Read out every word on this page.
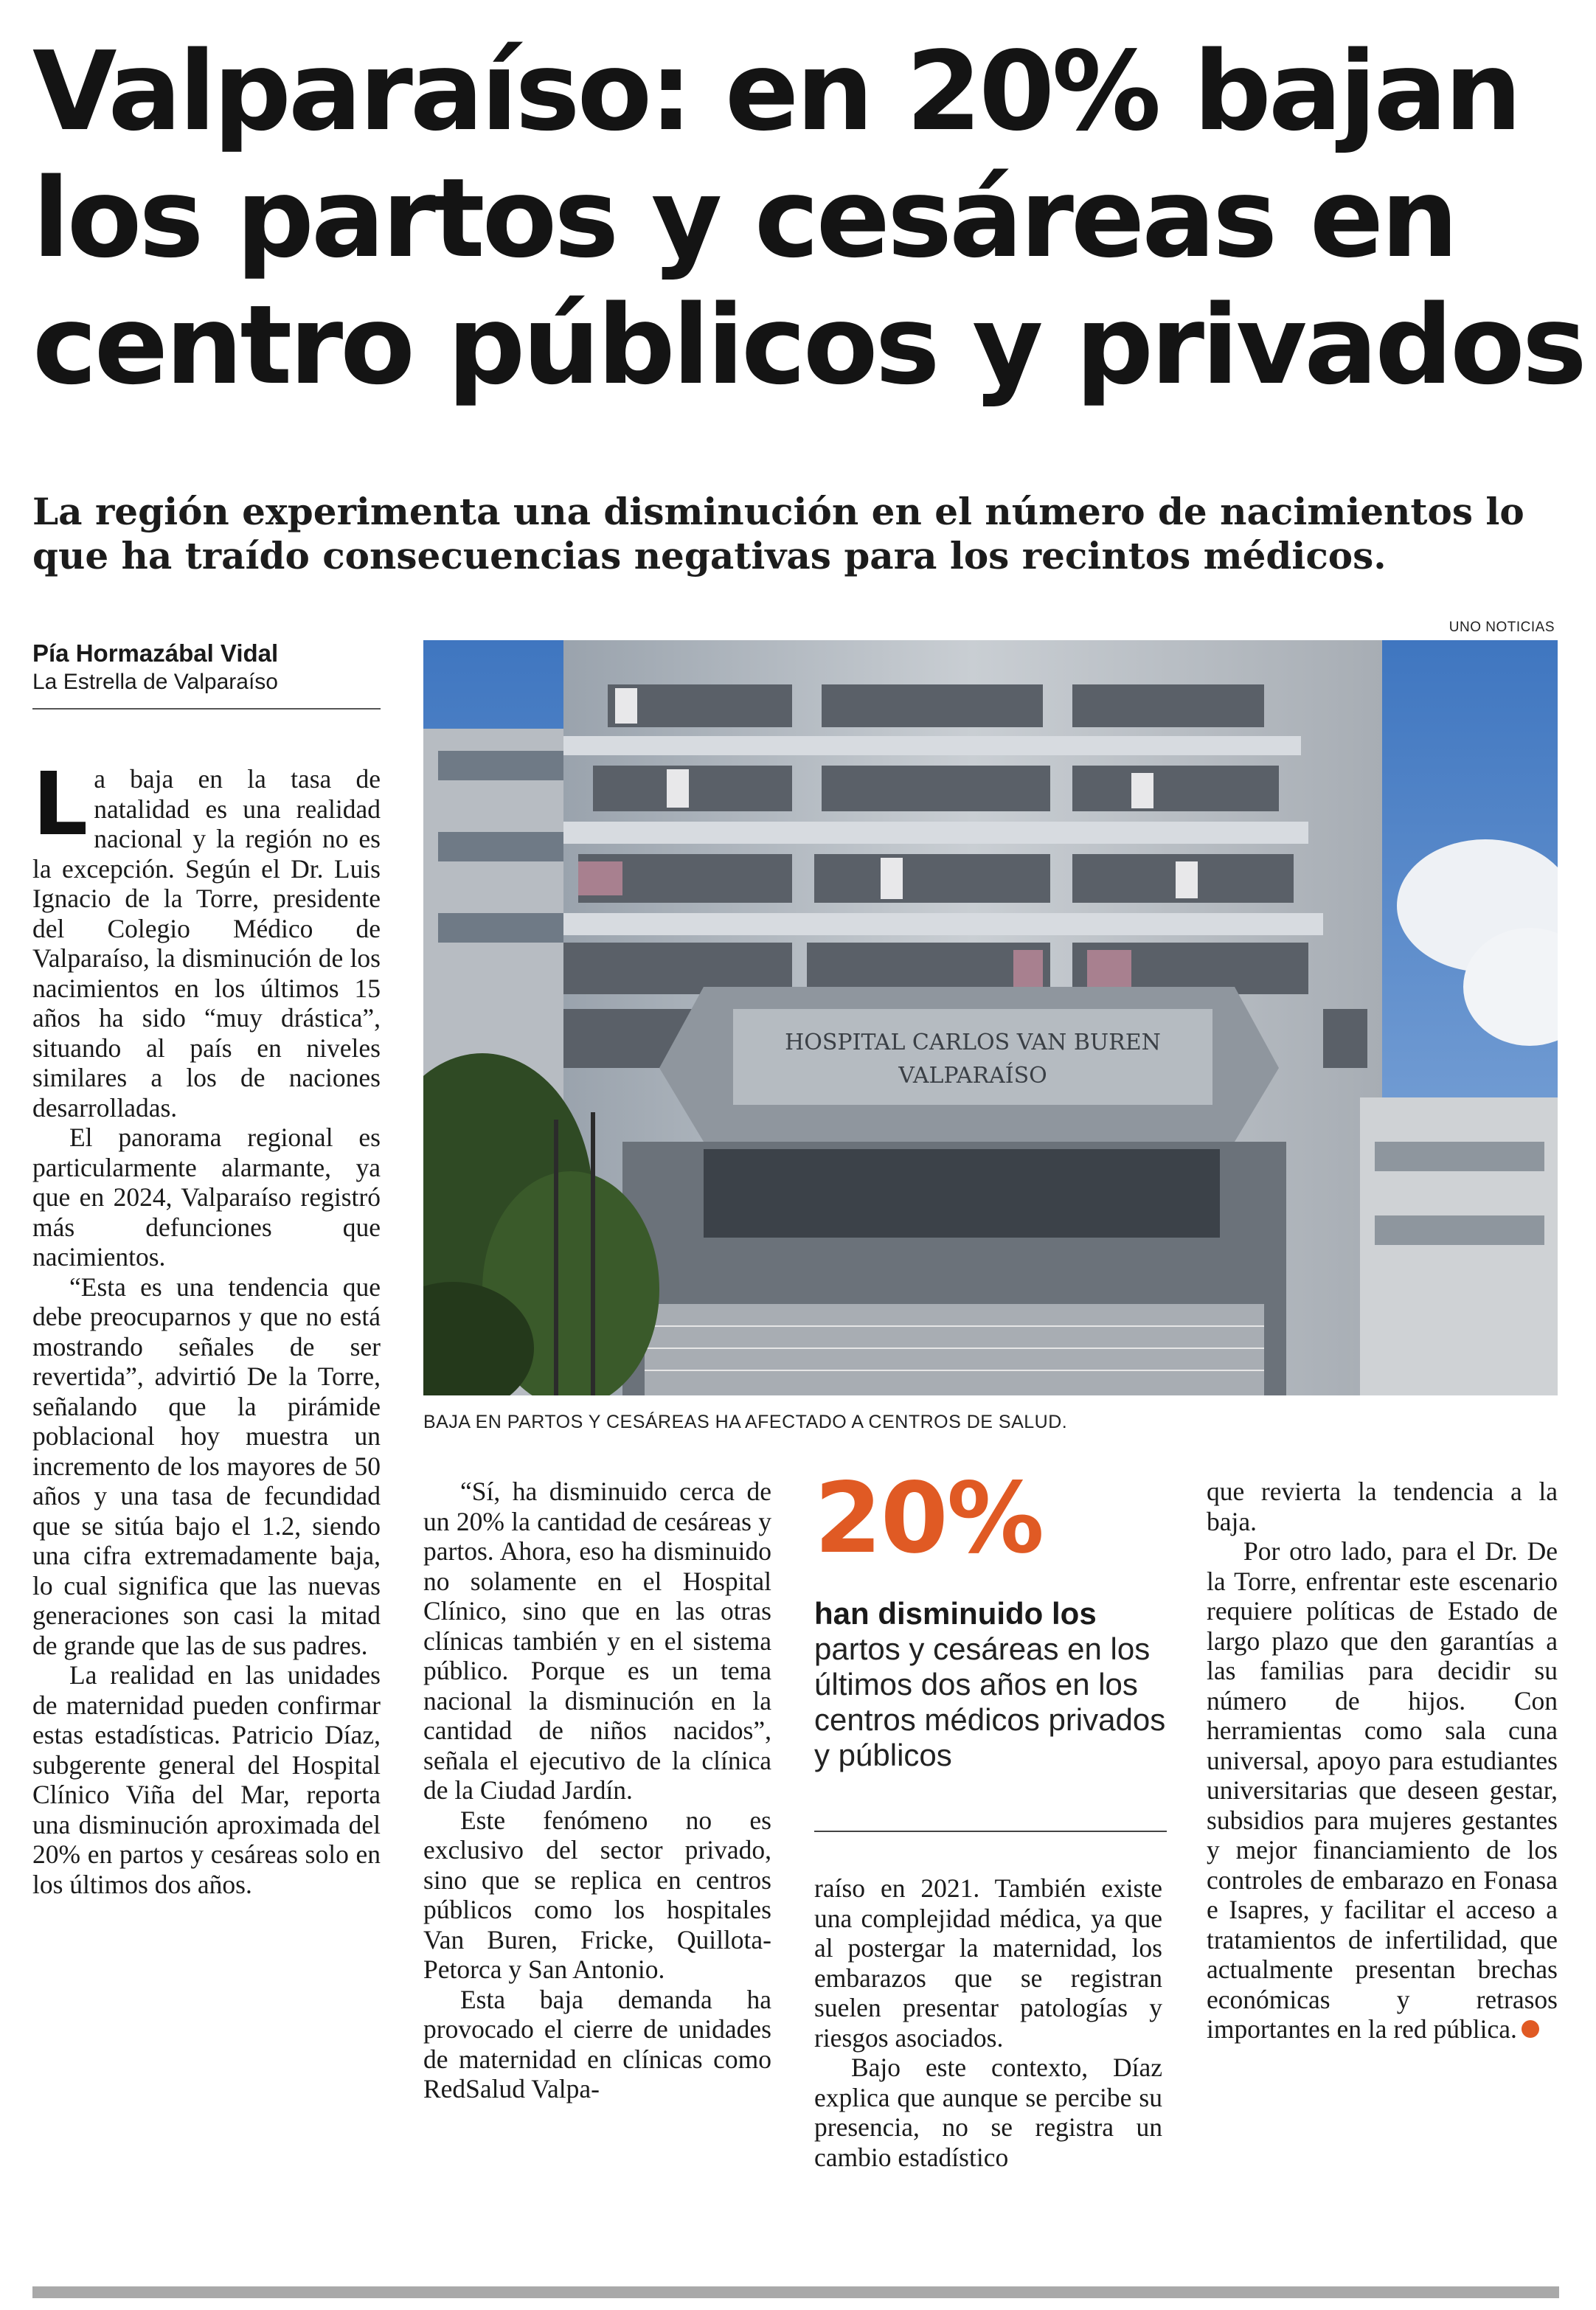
Valparaíso: en 20% bajan
los partos y cesáreas en
centro públicos y privados

La región experimenta una disminución en el número de nacimientos lo que ha traído consecuencias negativas para los recintos médicos.

UNO NOTICIAS
Pía Hormazábal Vidal
La Estrella de Valparaíso
HOSPITAL CARLOS VAN BUREN
VALPARAÍSO
BAJA EN PARTOS Y CESÁREAS HA AFECTADO A CENTROS DE SALUD.

La baja en la tasa de natalidad es una realidad nacional y la región no es la excepción. Según el Dr. Luis Ignacio de la Torre, presidente del Colegio Médico de Valparaíso, la disminución de los nacimientos en los últimos 15 años ha sido “muy drástica”, situando al país en niveles similares a los de naciones desarrolladas.

El panorama regional es particularmente alarmante, ya que en 2024, Valparaíso registró más defunciones que nacimientos.

“Esta es una tendencia que debe preocuparnos y que no está mostrando señales de ser revertida”, advirtió De la Torre, señalando que la pirámide poblacional hoy muestra un incremento de los mayores de 50 años y una tasa de fecundidad que se sitúa bajo el 1.2, siendo una cifra extremadamente baja, lo cual significa que las nuevas generaciones son casi la mitad de grande que las de sus padres.

La realidad en las unidades de maternidad pueden confirmar estas estadísticas. Patricio Díaz, subgerente general del Hospital Clínico Viña del Mar, reporta una disminución aproximada del 20% en partos y cesáreas solo en los últimos dos años.

“Sí, ha disminuido cerca de un 20% la cantidad de cesáreas y partos. Ahora, eso ha disminuido no solamente en el Hospital Clínico, sino que en las otras clínicas también y en el sistema público. Porque es un tema nacional la disminución en la cantidad de niños nacidos”, señala el ejecutivo de la clínica de la Ciudad Jardín.

Este fenómeno no es exclusivo del sector privado, sino que se replica en centros públicos como los hospitales Van Buren, Fricke, Quillota-Petorca y San Antonio.

Esta baja demanda ha provocado el cierre de unidades de maternidad en clínicas como RedSalud Valpa-

20%
han disminuido los partos y cesáreas en los últimos dos años en los centros médicos privados y públicos

raíso en 2021. También existe una complejidad médica, ya que al postergar la maternidad, los embarazos que se registran suelen presentar patologías y riesgos asociados.

Bajo este contexto, Díaz explica que aunque se percibe su presencia, no se registra un cambio estadístico

que revierta la tendencia a la baja.

Por otro lado, para el Dr. De la Torre, enfrentar este escenario requiere políticas de Estado de largo plazo que den garantías a las familias para decidir su número de hijos. Con herramientas como sala cuna universal, apoyo para estudiantes universitarias que deseen gestar, subsidios para mujeres gestantes y mejor financiamiento de los controles de embarazo en Fonasa e Isapres, y facilitar el acceso a tratamientos de infertilidad, que actualmente presentan brechas económicas y retrasos importantes en la red pública.
